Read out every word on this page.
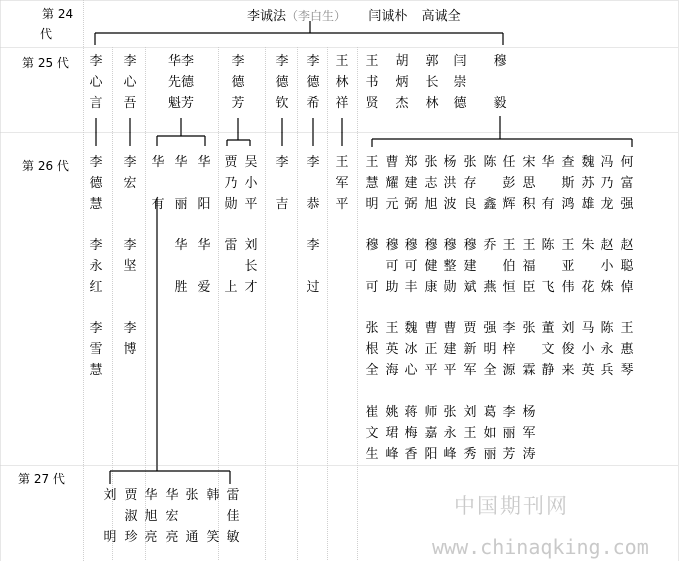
第 24
代
第 25 代
第 26 代
第 27 代
李诚法（李白生） 闫诚朴 高诚全
李
心
言
李
心
吾
华李
先德
魁芳
李
德
芳
李
德
钦
李
德
希
王
林
祥
王
书
贤
胡
炳
杰
郭
长
林
闫
崇
德
穆

毅
李
德
慧
李
永
红
李
雪
慧
李
宏
李
坚
李
博
华

有
华

丽
华

阳
华

胜
华

爱
贾
乃
勋
吴
小
平
雷

上
刘
长
才
李

吉
李

恭
李

过
王
军
平
王
慧
明
曹
耀
元
郑
建
弼
张
志
旭
杨
洪
波
张
存
良
陈

鑫
任
彭
辉
宋
思
积
华

有
查
斯
鸿
魏
苏
雄
冯
乃
龙
何
富
强
穆

可
穆
可
助
穆
可
丰
穆
健
康
穆
整
勋
穆
建
斌
乔

燕
王
伯
恒
王
福
臣
陈

飞
王
亚
伟
朱

花
赵
小
姝
赵
聪
倬
张
根
全
王
英
海
魏
冰
心
曹
正
平
曹
建
平
贾
新
军
强
明
全
李
梓
源
张

霖
董
文
静
刘
俊
来
马
小
英
陈
永
兵
王
惠
琴
崔
文
生
姚
珺
峰
蒋
梅
香
师
嘉
阳
张
永
峰
刘
王
秀
葛
如
丽
李
丽
芳
杨
军
涛
刘

明
贾
淑
珍
华
旭
亮
华
宏
亮
张

通
韩

笑
雷
佳
敏
中国期刊网
www.chinaqking.com
